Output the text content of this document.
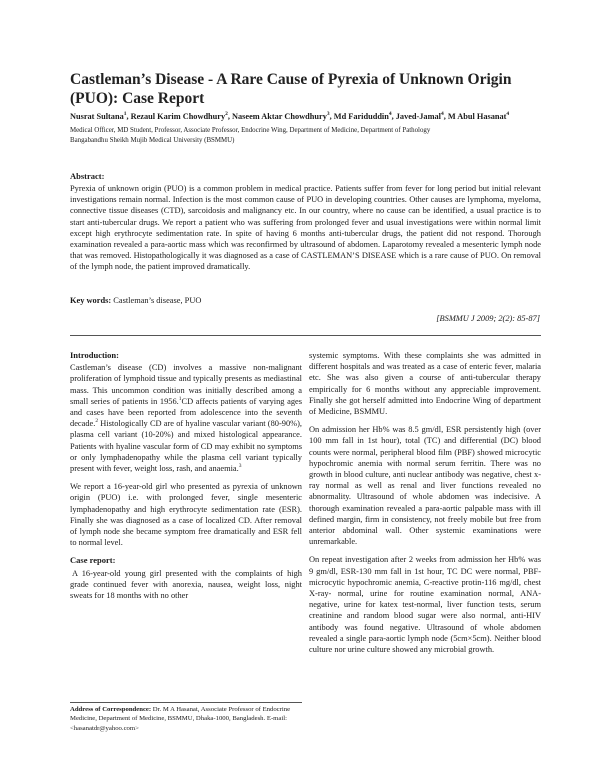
Castleman’s Disease - A Rare Cause of Pyrexia of Unknown Origin (PUO): Case Report
Nusrat Sultana$^1$, Rezaul Karim Chowdhury$^2$, Naseem Aktar Chowdhury$^3$, Md Fariduddin$^4$, Javed-Jamal$^4$, M Abul Hasanat$^4$
Medical Officer, MD Student, Professor, Associate Professor, Endocrine Wing, Department of Medicine, Department of Pathology
Bangabandhu Sheikh Mujib Medical University (BSMMU)
Abstract:
Pyrexia of unknown origin (PUO) is a common problem in medical practice. Patients suffer from fever for long period but initial relevant investigations remain normal. Infection is the most common cause of PUO in developing countries. Other causes are lymphoma, myeloma, connective tissue diseases (CTD), sarcoidosis and malignancy etc. In our country, where no cause can be identified, a usual practice is to start anti-tubercular drugs. We report a patient who was suffering from prolonged fever and usual investigations were within normal limit except high erythrocyte sedimentation rate. In spite of having 6 months anti-tubercular drugs, the patient did not respond. Thorough examination revealed a para-aortic mass which was reconfirmed by ultrasound of abdomen. Laparotomy revealed a mesenteric lymph node that was removed. Histopathologically it was diagnosed as a case of CASTLEMAN’S DISEASE which is a rare cause of PUO. On removal of the lymph node, the patient improved dramatically.
Key words: Castleman’s disease, PUO
[BSMMU J 2009; 2(2): 85-87]
Introduction:

Castleman’s disease (CD) involves a massive non-malignant proliferation of lymphoid tissue and typically presents as mediastinal mass. This uncommon condition was initially described among a small series of patients in 1956.$^1$CD affects patients of varying ages and cases have been reported from adolescence into the seventh decade.$^2$ Histologically CD are of hyaline vascular variant (80-90%), plasma cell variant (10-20%) and mixed histological appearance. Patients with hyaline vascular form of CD may exhibit no symptoms or only lymphadenopathy while the plasma cell variant typically present with fever, weight loss, rash, and anaemia.$^3$

We report a 16-year-old girl who presented as pyrexia of unknown origin (PUO) i.e. with prolonged fever, single mesenteric lymphadenopathy and high erythrocyte sedimentation rate (ESR). Finally she was diagnosed as a case of localized CD. After removal of lymph node she became symptom free dramatically and ESR fell to normal level.

Case report:

A 16-year-old young girl presented with the complaints of high grade continued fever with anorexia, nausea, weight loss, night sweats for 18 months with no other

systemic symptoms. With these complaints she was admitted in different hospitals and was treated as a case of enteric fever, malaria etc. She was also given a course of anti-tubercular therapy empirically for 6 months without any appreciable improvement. Finally she got herself admitted into Endocrine Wing of department of Medicine, BSMMU.

On admission her Hb% was 8.5 gm/dl, ESR persistently high (over 100 mm fall in 1st hour), total (TC) and differential (DC) blood counts were normal, peripheral blood film (PBF) showed microcytic hypochromic anemia with normal serum ferritin. There was no growth in blood culture, anti nuclear antibody was negative, chest x-ray normal as well as renal and liver functions revealed no abnormality. Ultrasound of whole abdomen was indecisive. A thorough examination revealed a para-aortic palpable mass with ill defined margin, firm in consistency, not freely mobile but free from anterior abdominal wall. Other systemic examinations were unremarkable.

On repeat investigation after 2 weeks from admission her Hb% was 9 gm/dl, ESR-130 mm fall in 1st hour, TC DC were normal, PBF- microcytic hypochromic anemia, C-reactive protin-116 mg/dl, chest X-ray- normal, urine for routine examination normal, ANA- negative, urine for katex test-normal, liver function tests, serum creatinine and random blood sugar were also normal, anti-HIV antibody was found negative. Ultrasound of whole abdomen revealed a single para-aortic lymph node (5cm×5cm). Neither blood culture nor urine culture showed any microbial growth.

Address of Correspondence: Dr. M A Hasanat, Associate Professor of Endocrine Medicine, Department of Medicine, BSMMU, Dhaka-1000, Bangladesh. E-mail: <hasanatdr@yahoo.com>
